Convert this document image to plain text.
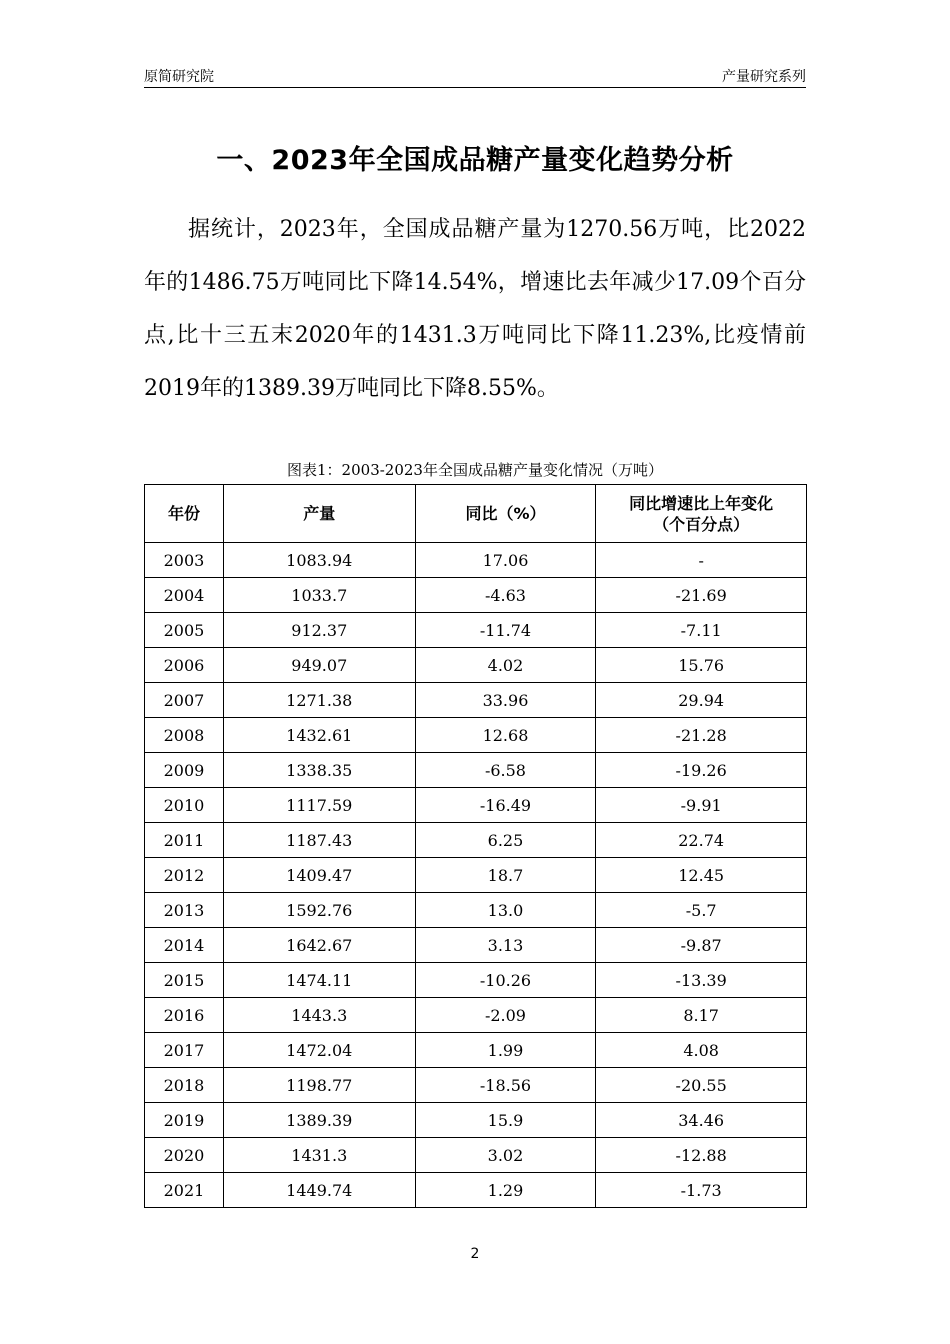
原简研究院	产量研究系列
一、2023年全国成品糖产量变化趋势分析
据统计，2023年，全国成品糖产量为1270.56万吨，比2022年的1486.75万吨同比下降14.54%，增速比去年减少17.09个百分点,比十三五末2020年的1431.3万吨同比下降11.23%,比疫情前2019年的1389.39万吨同比下降8.55%。
图表1：2003-2023年全国成品糖产量变化情况（万吨）
年份	产量	同比（%）	同比增速比上年变化
（个百分点）
2003	1083.94	17.06	-
2004	1033.7	-4.63	-21.69
2005	912.37	-11.74	-7.11
2006	949.07	4.02	15.76
2007	1271.38	33.96	29.94
2008	1432.61	12.68	-21.28
2009	1338.35	-6.58	-19.26
2010	1117.59	-16.49	-9.91
2011	1187.43	6.25	22.74
2012	1409.47	18.7	12.45
2013	1592.76	13.0	-5.7
2014	1642.67	3.13	-9.87
2015	1474.11	-10.26	-13.39
2016	1443.3	-2.09	8.17
2017	1472.04	1.99	4.08
2018	1198.77	-18.56	-20.55
2019	1389.39	15.9	34.46
2020	1431.3	3.02	-12.88
2021	1449.74	1.29	-1.73
2
